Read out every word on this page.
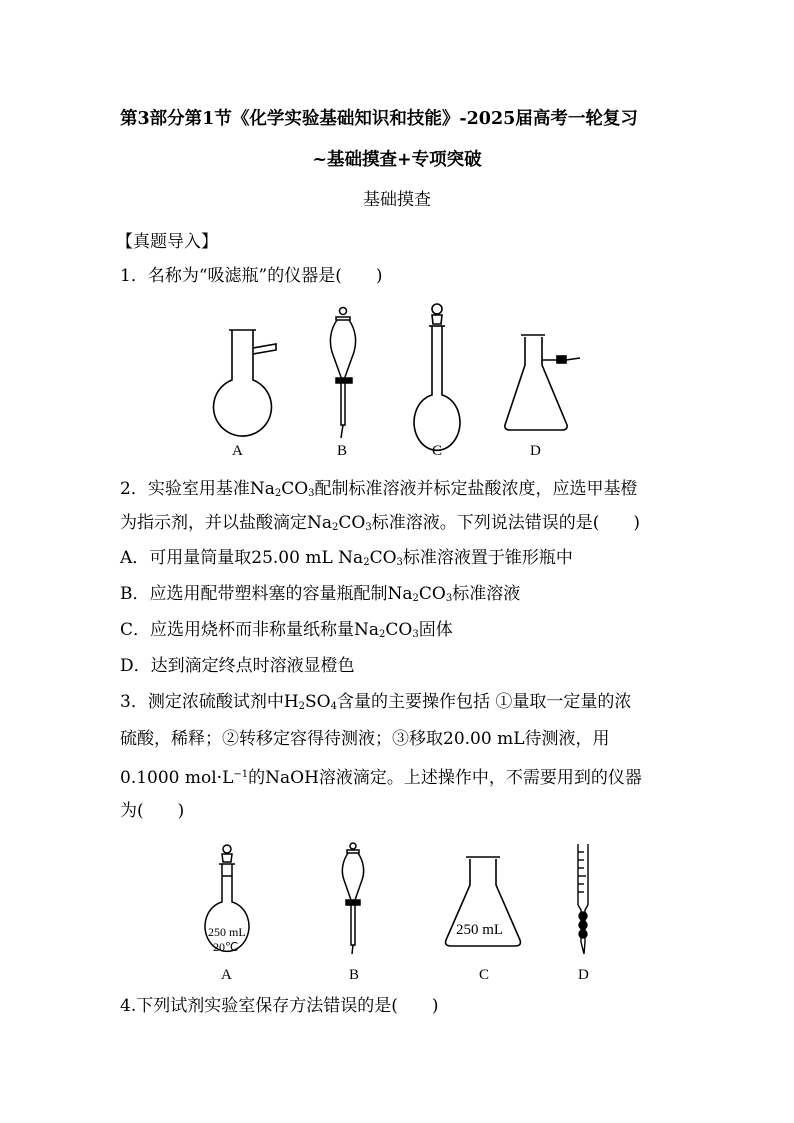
第3部分第1节《化学实验基础知识和技能》-2025届高考一轮复习
~基础摸查+专项突破
基础摸查
【真题导入】
1．名称为“吸滤瓶”的仪器是(　　)
A	B	C	D
2．实验室用基准$Na_2CO_3$配制标准溶液并标定盐酸浓度，应选甲基橙
为指示剂，并以盐酸滴定$Na_2CO_3$标准溶液。下列说法错误的是(　　)
A．可用量筒量取25.00 mL $Na_2CO_3$标准溶液置于锥形瓶中
B．应选用配带塑料塞的容量瓶配制$Na_2CO_3$标准溶液
C．应选用烧杯而非称量纸称量$Na_2CO_3$固体
D．达到滴定终点时溶液显橙色
3．测定浓硫酸试剂中$H_2SO_4$含量的主要操作包括 ①量取一定量的浓
硫酸，稀释；②转移定容得待测液；③移取20.00 mL待测液，用
0.1000 $mol\cdot L^{-1}$的NaOH溶液滴定。上述操作中，不需要用到的仪器
为(　　)
250 mL
20℃
250 mL
A	B	C	D
4.下列试剂实验室保存方法错误的是(　　)
